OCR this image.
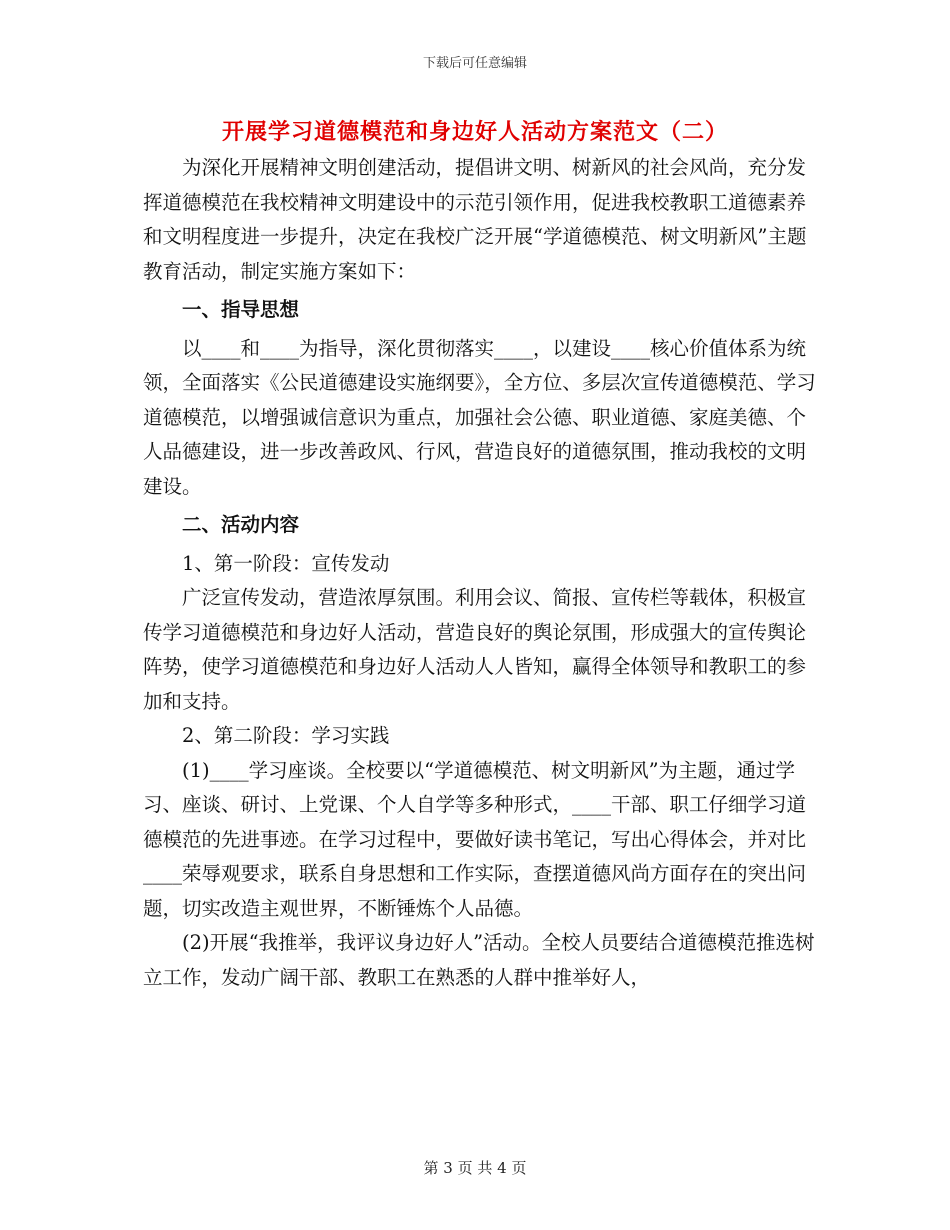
下载后可任意编辑
开展学习道德模范和身边好人活动方案范文（二）

为深化开展精神文明创建活动，提倡讲文明、树新风的社会风尚，充分发挥道德模范在我校精神文明建设中的示范引领作用，促进我校教职工道德素养和文明程度进一步提升，决定在我校广泛开展“学道德模范、树文明新风”主题教育活动，制定实施方案如下：

一、指导思想

以____和____为指导，深化贯彻落实____，以建设____核心价值体系为统领，全面落实《公民道德建设实施纲要》，全方位、多层次宣传道德模范、学习道德模范，以增强诚信意识为重点，加强社会公德、职业道德、家庭美德、个人品德建设，进一步改善政风、行风，营造良好的道德氛围，推动我校的文明建设。

二、活动内容

1、第一阶段：宣传发动

广泛宣传发动，营造浓厚氛围。利用会议、简报、宣传栏等载体，积极宣传学习道德模范和身边好人活动，营造良好的舆论氛围，形成强大的宣传舆论阵势，使学习道德模范和身边好人活动人人皆知，赢得全体领导和教职工的参加和支持。

2、第二阶段：学习实践

(1)____学习座谈。全校要以“学道德模范、树文明新风”为主题，通过学习、座谈、研讨、上党课、个人自学等多种形式，____干部、职工仔细学习道德模范的先进事迹。在学习过程中，要做好读书笔记，写出心得体会，并对比____荣辱观要求，联系自身思想和工作实际，查摆道德风尚方面存在的突出问题，切实改造主观世界，不断锤炼个人品德。

(2)开展“我推举，我评议身边好人”活动。全校人员要结合道德模范推选树立工作，发动广阔干部、教职工在熟悉的人群中推举好人，

第 3 页 共 4 页
